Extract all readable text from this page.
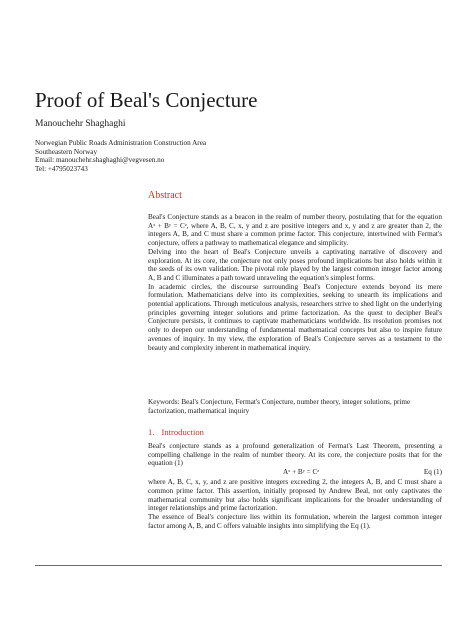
Proof of Beal's Conjecture
Manouchehr Shaghaghi
Norwegian Public Roads Administration Construction Area
Southeastern Norway
Email: manouchehr.shaghaghi@vegvesen.no
Tel: +4795023743
Abstract

Beal's Conjecture stands as a beacon in the realm of number theory, postulating that for the equation Aˣ + Bʸ = Cᶻ, where A, B, C, x, y and z are positive integers and x, y and z are greater than 2, the integers A, B, and C must share a common prime factor. This conjecture, intertwined with Fermat's conjecture, offers a pathway to mathematical elegance and simplicity.

Delving into the heart of Beal's Conjecture unveils a captivating narrative of discovery and exploration. At its core, the conjecture not only poses profound implications but also holds within it the seeds of its own validation. The pivotal role played by the largest common integer factor among A, B and C illuminates a path toward unraveling the equation's simplest forms.

In academic circles, the discourse surrounding Beal's Conjecture extends beyond its mere formulation. Mathematicians delve into its complexities, seeking to unearth its implications and potential applications. Through meticulous analysis, researchers strive to shed light on the underlying principles governing integer solutions and prime factorization. As the quest to decipher Beal's Conjecture persists, it continues to captivate mathematicians worldwide. Its resolution promises not only to deepen our understanding of fundamental mathematical concepts but also to inspire future avenues of inquiry. In my view, the exploration of Beal's Conjecture serves as a testament to the beauty and complexity inherent in mathematical inquiry.

Keywords: Beal's Conjecture, Fermat's Conjecture, number theory, integer solutions, prime factorization, mathematical inquiry
1. Introduction

Beal's conjecture stands as a profound generalization of Fermat's Last Theorem, presenting a compelling challenge in the realm of number theory. At its core, the conjecture posits that for the equation (1)

Aˣ + Bʸ = Cᶻ	Eq (1)

where A, B, C, x, y, and z are positive integers exceeding 2, the integers A, B, and C must share a common prime factor. This assertion, initially proposed by Andrew Beal, not only captivates the mathematical community but also holds significant implications for the broader understanding of integer relationships and prime factorization.

The essence of Beal's conjecture lies within its formulation, wherein the largest common integer factor among A, B, and C offers valuable insights into simplifying the Eq (1).
